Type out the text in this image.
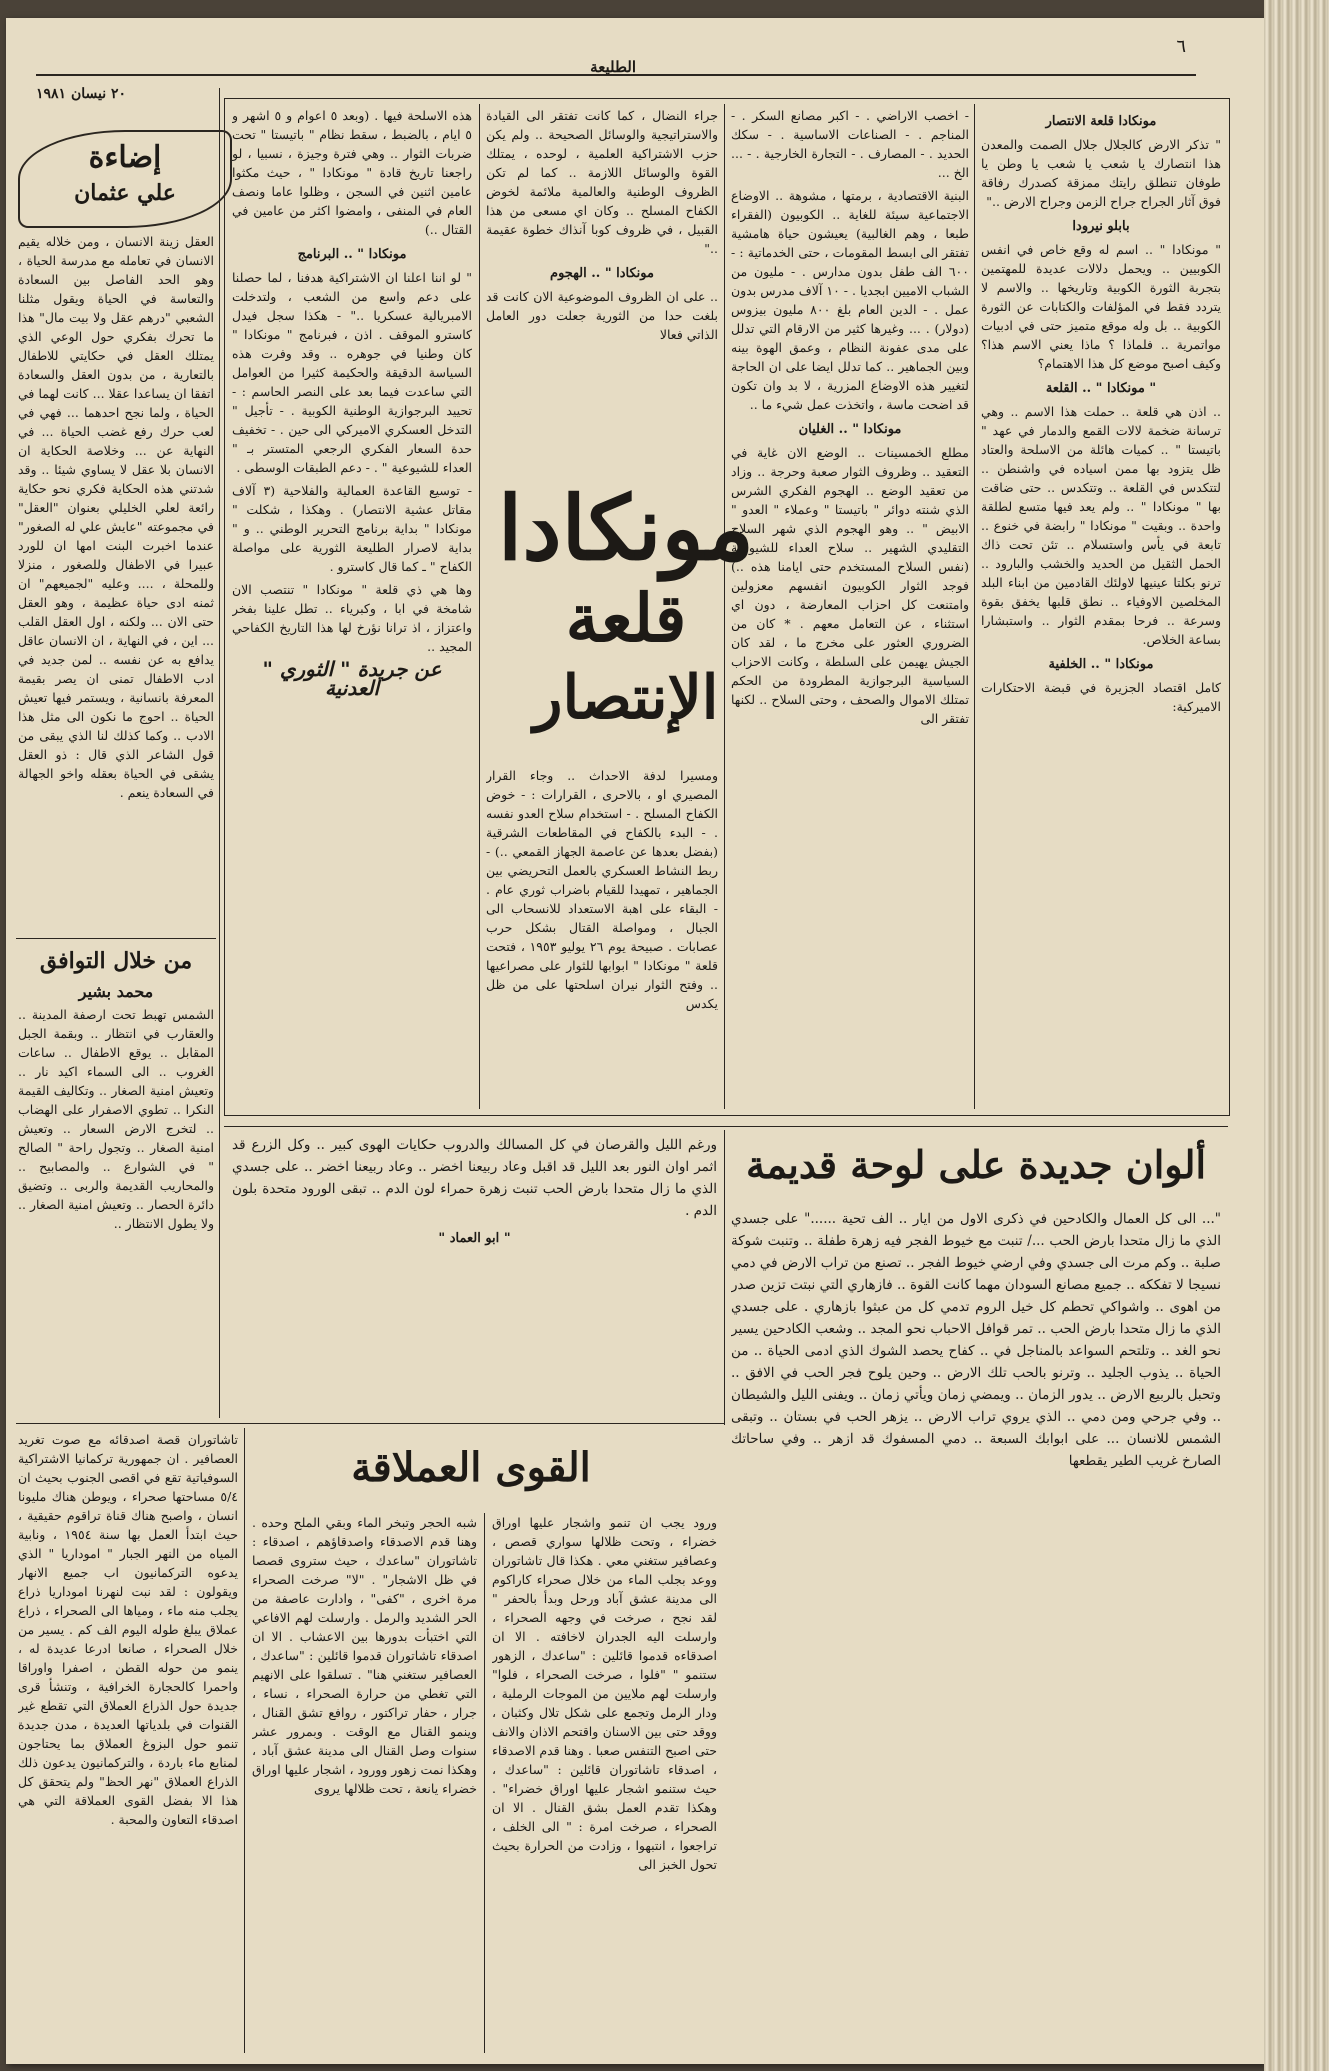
٦
الطليعة
٢٠ نيسان ١٩٨١
مونكادا قلعة الانتصار

" تذكر الارض كالجلال جلال الصمت والمعدن هذا انتصارك يا شعب يا شعب يا وطن يا طوفان تنطلق رايتك ممزقة كصدرك رفاقة فوق آثار الجراح جراح الزمن وجراح الارض .."

بابلو نيرودا

" مونكادا " .. اسم له وقع خاص في انفس الكوبيين .. ويحمل دلالات عديدة للمهتمين بتجربة الثورة الكوبية وتاريخها .. والاسم لا يتردد فقط في المؤلفات والكتابات عن الثورة الكوبية .. بل وله موقع متميز حتى في ادبيات مواتمرية .. فلماذا ؟ ماذا يعني الاسم هذا؟ وكيف اصبح موضع كل هذا الاهتمام؟

" مونكادا " .. القلعة

.. اذن هي قلعة .. حملت هذا الاسم .. وهي ترسانة ضخمة لالات القمع والدمار في عهد " باتيستا " .. كميات هائلة من الاسلحة والعتاد ظل يتزود بها ممن اسياده في واشنطن .. لتتكدس في القلعة .. وتتكدس .. حتى ضاقت بها " مونكادا " .. ولم يعد فيها متسع لطلقة واحدة .. وبقيت " مونكادا " رابضة في خنوع .. تابعة في يأس واستسلام .. تئن تحت ذاك الحمل الثقيل من الحديد والخشب والبارود .. ترنو بكلتا عينيها لاولئك القادمين من ابناء البلد المخلصين الاوفياء .. نطق قلبها يخفق بقوة وسرعة .. فرحا بمقدم الثوار .. واستبشارا بساعة الخلاص.

مونكادا " .. الخلفية

كامل اقتصاد الجزيرة في قبضة الاحتكارات الاميركية:

- اخصب الاراضي . - اكبر مصانع السكر . - المناجم . - الصناعات الاساسية . - سكك الحديد . - المصارف . - التجارة الخارجية . - ... الخ ...

البنية الاقتصادية ، برمتها ، مشوهة .. الاوضاع الاجتماعية سيئة للغاية .. الكوبيون (الفقراء طبعا ، وهم الغالبية) يعيشون حياة هامشية تفتقر الى ابسط المقومات ، حتى الخدماتية : - ٦٠٠ الف طفل بدون مدارس . - مليون من الشباب الاميين ابجديا . - ١٠ آلاف مدرس بدون عمل . - الدين العام بلغ ٨٠٠ مليون بيزوس (دولار) . ... وغيرها كثير من الارقام التي تدلل على مدى عفونة النظام ، وعمق الهوة بينه وبين الجماهير .. كما تدلل ايضا على ان الحاجة لتغيير هذه الاوضاع المزرية ، لا بد وان تكون قد اضحت ماسة ، واتخذت عمل شيء ما ..

مونكادا " .. الغليان

مطلع الخمسينات .. الوضع الان غاية في التعقيد .. وظروف الثوار صعبة وحرجة .. وزاد من تعقيد الوضع .. الهجوم الفكري الشرس الذي شنته دوائر " باتيستا " وعملاء " العدو " الابيض " .. وهو الهجوم الذي شهر السلاح التقليدي الشهير .. سلاح العداء للشيوعية (نفس السلاح المستخدم حتى ايامنا هذه ..) فوجد الثوار الكوبيون انفسهم معزولين وامتنعت كل احزاب المعارضة ، دون اي استثناء ، عن التعامل معهم . * كان من الضروري العثور على مخرج ما ، لقد كان الجيش يهيمن على السلطة ، وكانت الاحزاب السياسية البرجوازية المطرودة من الحكم تمتلك الاموال والصحف ، وحتى السلاح .. لكنها تفتقر الى

جراء النضال ، كما كانت تفتقر الى القيادة والاستراتيجية والوسائل الصحيحة .. ولم يكن حزب الاشتراكية العلمية ، لوحده ، يمتلك القوة والوسائل اللازمة .. كما لم تكن الظروف الوطنية والعالمية ملائمة لخوض الكفاح المسلح .. وكان اي مسعى من هذا القبيل ، في ظروف كوبا آنذاك خطوة عقيمة .."

مونكادا " .. الهجوم

.. على ان الظروف الموضوعية الان كانت قد بلغت حدا من الثورية جعلت دور العامل الذاتي فعالا

مونكادا
قلعة
الإنتصار

ومسيرا لدفة الاحداث .. وجاء القرار المصيري او ، بالاحرى ، القرارات : - خوض الكفاح المسلح . - استخدام سلاح العدو نفسه . - البدء بالكفاح في المقاطعات الشرقية (بفضل بعدها عن عاصمة الجهاز القمعي ..) - ربط النشاط العسكري بالعمل التحريضي بين الجماهير ، تمهيدا للقيام باضراب ثوري عام . - البقاء على اهبة الاستعداد للانسحاب الى الجبال ، ومواصلة القتال بشكل حرب عصابات . صبيحة يوم ٢٦ يوليو ١٩٥٣ ، فتحت قلعة " مونكادا " ابوابها للثوار على مصراعيها .. وفتح الثوار نيران اسلحتها على من ظل يكدس

هذه الاسلحة فيها . (وبعد ٥ اعوام و ٥ اشهر و ٥ ايام ، بالضبط ، سقط نظام " باتيستا " تحت ضربات الثوار .. وهي فترة وجيزة ، نسبيا ، لو راجعنا تاريخ قادة " مونكادا " ، حيث مكثوا عامين اثنين في السجن ، وظلوا عاما ونصف العام في المنفى ، وامضوا اكثر من عامين في القتال ..)

مونكادا " .. البرنامج

" لو اننا اعلنا ان الاشتراكية هدفنا ، لما حصلنا على دعم واسع من الشعب ، ولتدخلت الامبريالية عسكريا .." - هكذا سجل فيدل كاسترو الموقف . اذن ، فبرنامج " مونكادا " كان وطنيا في جوهره .. وقد وفرت هذه السياسة الدقيقة والحكيمة كثيرا من العوامل التي ساعدت فيما بعد على النصر الحاسم : - تحييد البرجوازية الوطنية الكوبية . - تأجيل " التدخل العسكري الاميركي الى حين . - تخفيف حدة السعار الفكري الرجعي المتستر بـ " العداء للشيوعية " . - دعم الطبقات الوسطى .

- توسيع القاعدة العمالية والفلاحية (٣ آلاف مقاتل عشية الانتصار) . وهكذا ، شكلت " مونكادا " بداية برنامج التحرير الوطني .. و " بداية لاصرار الطليعة الثورية على مواصلة الكفاح " ـ كما قال كاسترو .

وها هي ذي قلعة " مونكادا " تنتصب الان شامخة في ابا ، وكبرياء .. تطل علينا بفخر واعتزاز ، اذ ترانا نؤرخ لها هذا التاريخ الكفاحي المجيد ..

عن جريدة " الثوري " العدنية
إضاءة
علي عثمان

العقل زينة الانسان ، ومن خلاله يقيم الانسان في تعامله مع مدرسة الحياة ، وهو الحد الفاصل بين السعادة والتعاسة في الحياة ويقول مثلنا الشعبي "درهم عقل ولا بيت مال" هذا ما تحرك بفكري حول الوعي الذي يمتلك العقل في حكايتي للاطفال بالتعارية ، من بدون العقل والسعادة اتفقا ان يساعدا عقلا ... كانت لهما في الحياة ، ولما نجح احدهما ... فهي في لعب حرك رفع غضب الحياة ... في النهاية عن ... وخلاصة الحكاية ان الانسان بلا عقل لا يساوي شيئا .. وقد شدتني هذه الحكاية فكري نحو حكاية رائعة لعلي الخليلي بعنوان "العقل" في مجموعته "عايش علي له الصغور" عندما اخبرت البنت امها ان للورد عبيرا في الاطفال وللصغور ، منزلا وللمحلة ، .... وعليه "لجميعهم" ان ثمنه ادى حياة عظيمة ، وهو العقل حتى الان ... ولكنه ، اول العقل القلب ... اين ، في النهاية ، ان الانسان عاقل يدافع به عن نفسه .. لمن جديد في ادب الاطفال تمنى ان يصر بقيمة المعرفة بانسانية ، ويستمر فيها تعيش الحياة .. احوج ما نكون الى مثل هذا الادب .. وكما كذلك لنا الذي يبقى من قول الشاعر الذي قال : ذو العقل يشقى في الحياة بعقله واخو الجهالة في السعادة ينعم .

من خلال التوافق
محمد بشير

الشمس تهبط تحت ارصفة المدينة .. والعقارب في انتظار .. وبقمة الجبل المقابل .. يوقع الاطفال .. ساعات الغروب .. الى السماء اكيد نار .. وتعيش امنية الصغار .. وتكاليف القيمة النكرا .. تطوي الاصفرار على الهضاب .. لتخرج الارض السعار .. وتعيش امنية الصغار .. وتجول راحة " الصالح " في الشوارع .. والمصابيح .. والمحاريب القديمة والربى .. وتضيق دائرة الحصار .. وتعيش امنية الصغار .. ولا يطول الانتظار ..

ألوان جديدة على لوحة قديمة

"... الى كل العمال والكادحين في ذكرى الاول من ايار .. الف تحية ......" على جسدي الذي ما زال متحدا بارض الحب .../ تنبت مع خيوط الفجر فيه زهرة طفلة .. وتنبت شوكة صلبة .. وكم مرت الى جسدي وفي ارضي خيوط الفجر .. تصنع من تراب الارض في دمي نسيجا لا تفككه .. جميع مصانع السودان مهما كانت القوة .. فازهاري التي نبتت تزين صدر من اهوى .. واشواكي تحطم كل خيل الروم تدمي كل من عبثوا بازهاري . على جسدي الذي ما زال متحدا بارض الحب .. تمر قوافل الاحباب نحو المجد .. وشعب الكادحين يسير نحو الغد .. وتلتحم السواعد بالمناجل في .. كفاح يحصد الشوك الذي ادمى الحياة .. من الحياة .. يذوب الجليد .. وترنو بالحب تلك الارض .. وحين يلوح فجر الحب في الافق .. وتحبل بالربيع الارض .. يدور الزمان .. ويمضي زمان ويأتي زمان .. ويفنى الليل والشيطان .. وفي جرحي ومن دمي .. الذي يروي تراب الارض .. يزهر الحب في بستان .. وتبقى الشمس للانسان ... على ابوابك السبعة .. دمي المسفوك قد ازهر .. وفي ساحاتك الصارخ غريب الطير يقطعها

ورغم الليل والقرصان في كل المسالك والدروب حكايات الهوى كبير .. وكل الزرع قد اثمر اوان النور بعد الليل قد اقبل وعاد ربيعنا اخضر .. وعاد ربيعنا اخضر .. على جسدي الذي ما زال متحدا بارض الحب تنبت زهرة حمراء لون الدم .. تبقى الورود متحدة بلون الدم .

" ابو العماد "
القوى العملاقة

ورود يجب ان تنمو واشجار عليها اوراق خضراء ، وتحت ظلالها سواري قصص ، وعصافير ستغني معي . هكذا قال تاشاتوران ووعد بجلب الماء من خلال صحراء كاراكوم الى مدينة عشق آباد ورحل وبدأ بالحفر " لقد نجح ، صرخت في وجهه الصحراء ، وارسلت اليه الجدران لاخافته . الا ان اصدقاءه قدموا قائلين : "ساعدك ، الزهور ستنمو " "فلوا ، صرخت الصحراء ، فلوا" وارسلت لهم ملايين من الموجات الرملية ، ودار الرمل وتجمع على شكل تلال وكثبان ، ووقد حتى بين الاسنان واقتحم الاذان والانف حتى اصبح التنفس صعبا . وهنا قدم الاصدقاء ، اصدقاء تاشاتوران قائلين : "ساعدك ، حيث ستنمو اشجار عليها اوراق خضراء" . وهكذا تقدم العمل بشق القنال . الا ان الصحراء ، صرخت امرة : " الى الخلف ، تراجعوا ، انتبهوا ، وزادت من الحرارة بحيث تحول الخبز الى

شبه الحجر وتبخر الماء وبقي الملح وحده . وهنا قدم الاصدقاء واصدقاؤهم ، اصدقاء : تاشاتوران "ساعدك ، حيث ستروى قصصا في ظل الاشجار" . "لا" صرخت الصحراء مرة اخرى ، "كفى" ، وادارت عاصفة من الحر الشديد والرمل . وارسلت لهم الافاعي التي اختبأت بدورها بين الاعشاب . الا ان اصدقاء تاشاتوران قدموا قائلين : "ساعدك ، العصافير ستغني هنا" . تسلقوا على الانهيم التي تغطي من حرارة الصحراء ، نساء ، جرار ، حفار تراكتور ، روافع تشق القنال ، وينمو القنال مع الوقت . وبمرور عشر سنوات وصل القنال الى مدينة عشق آباد ، وهكذا نمت زهور وورود ، اشجار عليها اوراق خضراء يانعة ، تحت ظلالها يروى

تاشاتوران قصة اصدقائه مع صوت تغريد العصافير . ان جمهورية تركمانيا الاشتراكية السوفياتية تقع في اقصى الجنوب بحيث ان ٥/٤ مساحتها صحراء ، ويوطن هناك مليونا انسان ، واصبح هناك قناة تراقوم حقيقية ، حيث ابتدأ العمل بها سنة ١٩٥٤ ، ونابية المياه من النهر الجبار " اموداريا " الذي يدعوه التركمانيون اب جميع الانهار ويقولون : لقد نبت لنهرنا اموداريا ذراع يجلب منه ماء ، ومياها الى الصحراء ، ذراع عملاق يبلغ طوله اليوم الف كم . يسير من خلال الصحراء ، صانعا ادرعا عديدة له ، ينمو من حوله القطن ، اصفرا واوراقا واحمرا كالحجارة الخرافية ، وتنشأ قرى جديدة حول الذراع العملاق التي تقطع غير القنوات في بلدياتها العديدة ، مدن جديدة تنمو حول البزوغ العملاق بما يحتاجون لمنابع ماء باردة ، والتركمانيون يدعون ذلك الذراع العملاق "نهر الحظ" ولم يتحقق كل هذا الا بفضل القوى العملاقة التي هي اصدقاء التعاون والمحبة .
